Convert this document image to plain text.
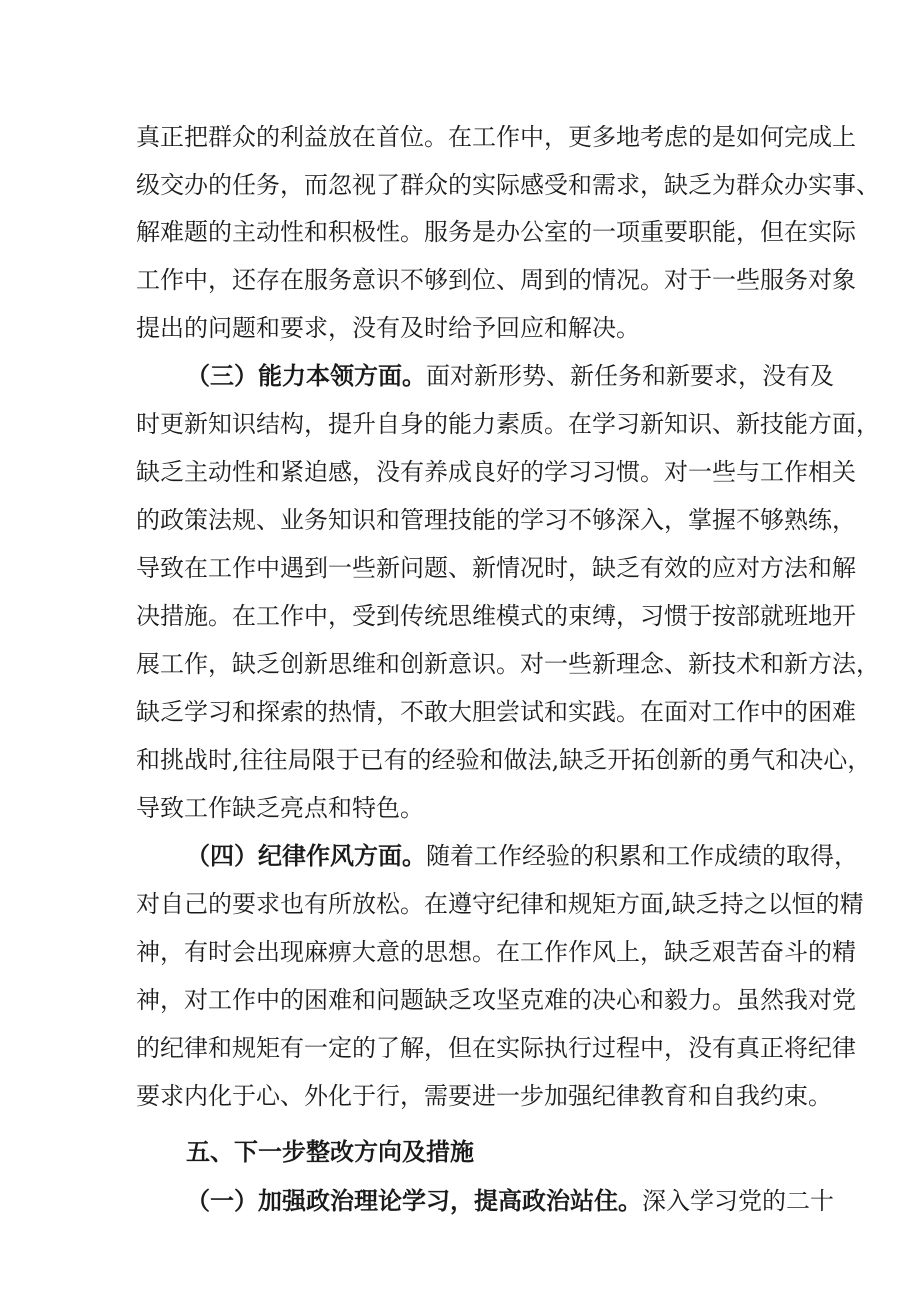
真正把群众的利益放在首位。在工作中，更多地考虑的是如何完成上
级交办的任务，而忽视了群众的实际感受和需求，缺乏为群众办实事、
解难题的主动性和积极性。服务是办公室的一项重要职能，但在实际
工作中，还存在服务意识不够到位、周到的情况。对于一些服务对象
提出的问题和要求，没有及时给予回应和解决。
（三）能力本领方面。面对新形势、新任务和新要求，没有及
时更新知识结构，提升自身的能力素质。在学习新知识、新技能方面，
缺乏主动性和紧迫感，没有养成良好的学习习惯。对一些与工作相关
的政策法规、业务知识和管理技能的学习不够深入，掌握不够熟练，
导致在工作中遇到一些新问题、新情况时，缺乏有效的应对方法和解
决措施。在工作中，受到传统思维模式的束缚，习惯于按部就班地开
展工作，缺乏创新思维和创新意识。对一些新理念、新技术和新方法，
缺乏学习和探索的热情，不敢大胆尝试和实践。在面对工作中的困难
和挑战时,往往局限于已有的经验和做法,缺乏开拓创新的勇气和决心，
导致工作缺乏亮点和特色。
（四）纪律作风方面。随着工作经验的积累和工作成绩的取得，
对自己的要求也有所放松。在遵守纪律和规矩方面,缺乏持之以恒的精
神，有时会出现麻痹大意的思想。在工作作风上，缺乏艰苦奋斗的精
神，对工作中的困难和问题缺乏攻坚克难的决心和毅力。虽然我对党
的纪律和规矩有一定的了解，但在实际执行过程中，没有真正将纪律
要求内化于心、外化于行，需要进一步加强纪律教育和自我约束。
五、下一步整改方向及措施
（一）加强政治理论学习，提高政治站住。深入学习党的二十
